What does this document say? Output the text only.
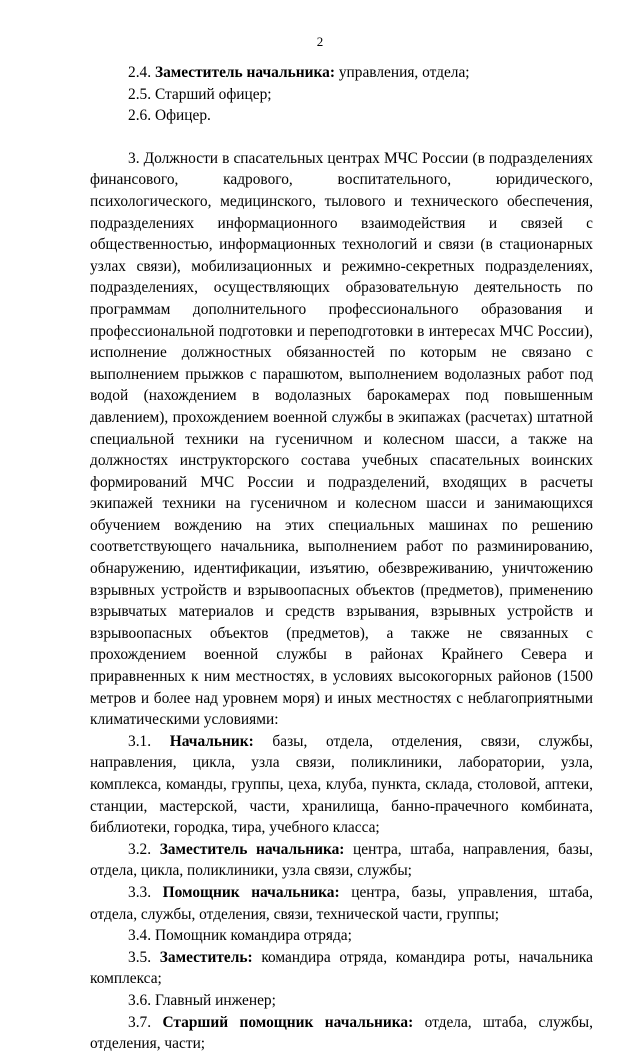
2

2.4. Заместитель начальника: управления, отдела;

2.5. Старший офицер;

2.6. Офицер.

3. Должности в спасательных центрах МЧС России (в подразделениях финансового, кадрового, воспитательного, юридического, психологического, медицинского, тылового и технического обеспечения, подразделениях информационного взаимодействия и связей с общественностью, информационных технологий и связи (в стационарных узлах связи), мобилизационных и режимно-секретных подразделениях, подразделениях, осуществляющих образовательную деятельность по программам дополнительного профессионального образования и профессиональной подготовки и переподготовки в интересах МЧС России), исполнение должностных обязанностей по которым не связано с выполнением прыжков с парашютом, выполнением водолазных работ под водой (нахождением в водолазных барокамерах под повышенным давлением), прохождением военной службы в экипажах (расчетах) штатной специальной техники на гусеничном и колесном шасси, а также на должностях инструкторского состава учебных спасательных воинских формирований МЧС России и подразделений, входящих в расчеты экипажей техники на гусеничном и колесном шасси и занимающихся обучением вождению на этих специальных машинах по решению соответствующего начальника, выполнением работ по разминированию, обнаружению, идентификации, изъятию, обезвреживанию, уничтожению взрывных устройств и взрывоопасных объектов (предметов), применению взрывчатых материалов и средств взрывания, взрывных устройств и взрывоопасных объектов (предметов), а также не связанных с прохождением военной службы в районах Крайнего Севера и приравненных к ним местностях, в условиях высокогорных районов (1500 метров и более над уровнем моря) и иных местностях с неблагоприятными климатическими условиями:

3.1. Начальник: базы, отдела, отделения, связи, службы, направления, цикла, узла связи, поликлиники, лаборатории, узла, комплекса, команды, группы, цеха, клуба, пункта, склада, столовой, аптеки, станции, мастерской, части, хранилища, банно-прачечного комбината, библиотеки, городка, тира, учебного класса;

3.2. Заместитель начальника: центра, штаба, направления, базы, отдела, цикла, поликлиники, узла связи, службы;

3.3. Помощник начальника: центра, базы, управления, штаба, отдела, службы, отделения, связи, технической части, группы;

3.4. Помощник командира отряда;

3.5. Заместитель: командира отряда, командира роты, начальника комплекса;

3.6. Главный инженер;

3.7. Старший помощник начальника: отдела, штаба, службы, отделения, части;
